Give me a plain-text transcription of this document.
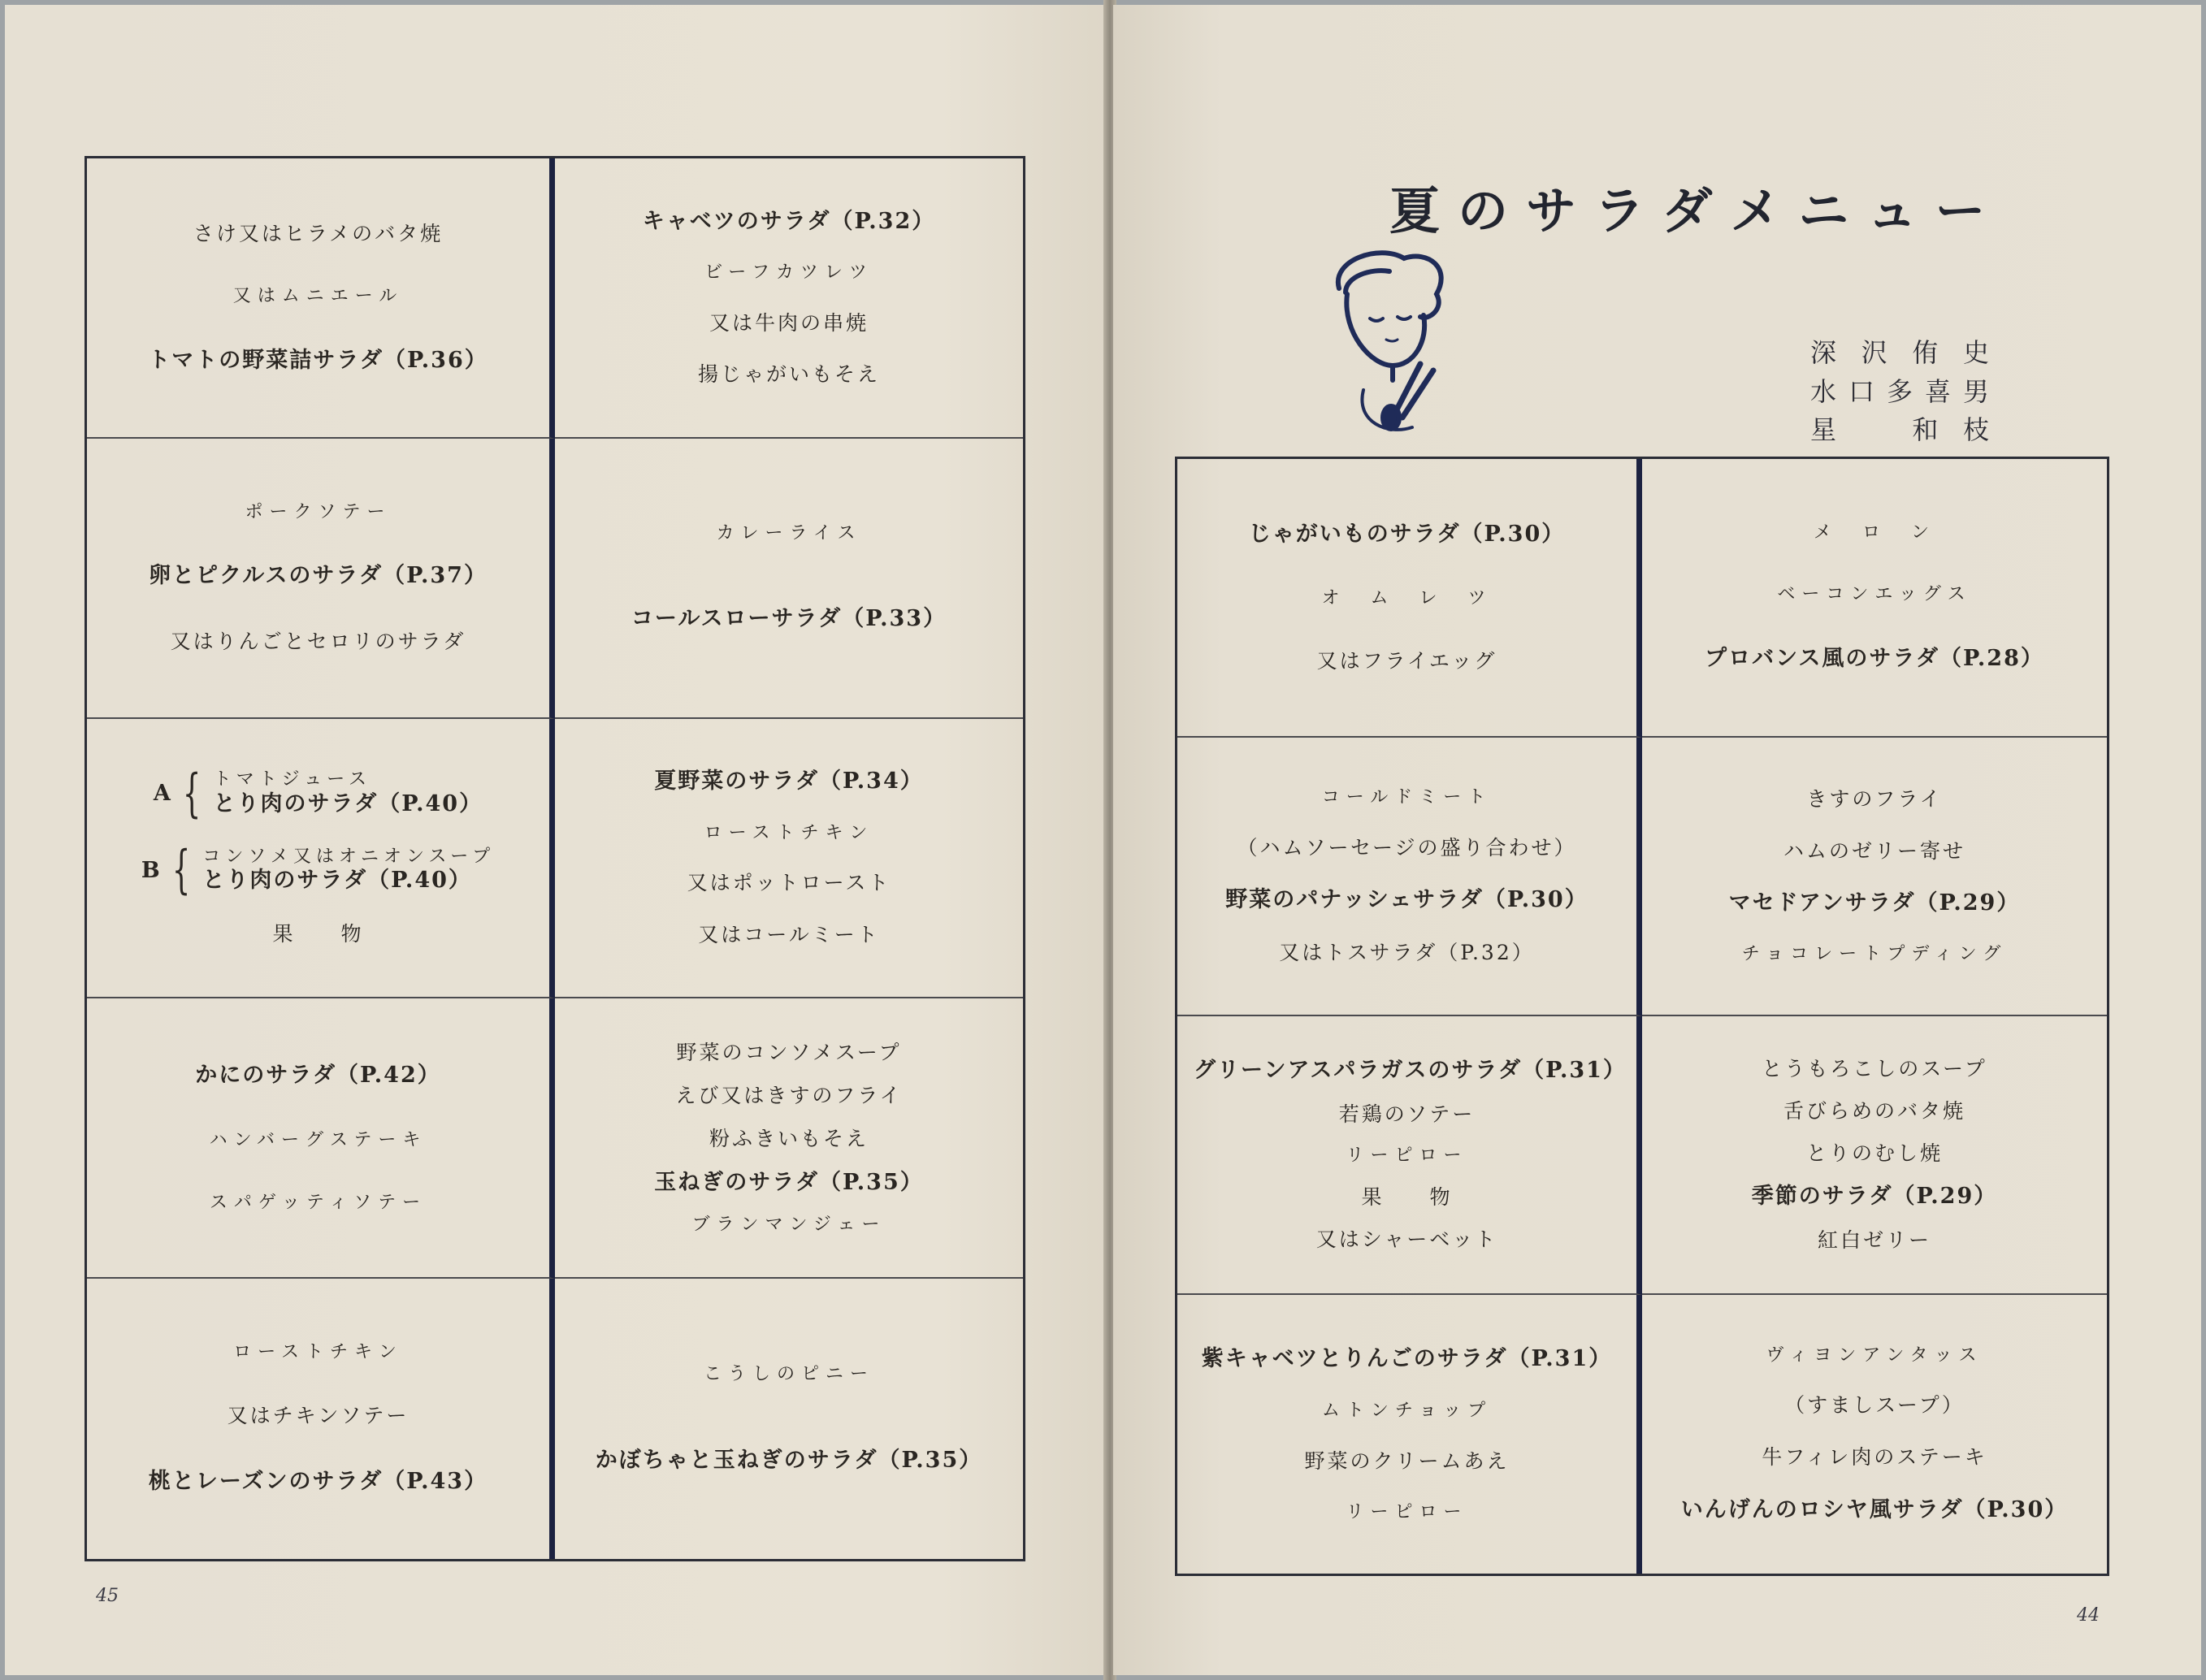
さけ又はヒラメのバタ焼
又はムニエール
トマトの野菜詰サラダ（P.36）
キャベツのサラダ（P.32）
ビーフカツレツ
又は牛肉の串焼
揚じゃがいもそえ
ポークソテー
卵とピクルスのサラダ（P.37）
又はりんごとセロリのサラダ
カレーライス
コールスローサラダ（P.33）
A { トマトジュース
とり肉のサラダ（P.40）
B { コンソメ又はオニオンスープ
とり肉のサラダ（P.40）
果　　物
夏野菜のサラダ（P.34）
ローストチキン
又はポットロースト
又はコールミート
かにのサラダ（P.42）
ハンバーグステーキ
スパゲッティソテー
野菜のコンソメスープ
えび又はきすのフライ
粉ふきいもそえ
玉ねぎのサラダ（P.35）
ブランマンジェー
ローストチキン
又はチキンソテー
桃とレーズンのサラダ（P.43）
こうしのピニー
かぼちゃと玉ねぎのサラダ（P.35）
夏のサラダメニュー
深沢侑史
水口多喜男
星　和枝
じゃがいものサラダ（P.30）
オ　ム　レ　ツ
又はフライエッグ
メ　ロ　ン
ベーコンエッグス
プロバンス風のサラダ（P.28）
コールドミート
（ハムソーセージの盛り合わせ）
野菜のパナッシェサラダ（P.30）
又はトスサラダ（P.32）
きすのフライ
ハムのゼリー寄せ
マセドアンサラダ（P.29）
チョコレートプディング
グリーンアスパラガスのサラダ（P.31）
若鶏のソテー
リーピロー
果　　物
又はシャーベット
とうもろこしのスープ
舌びらめのバタ焼
とりのむし焼
季節のサラダ（P.29）
紅白ゼリー
紫キャベツとりんごのサラダ（P.31）
ムトンチョップ
野菜のクリームあえ
リーピロー
ヴィヨンアンタッス
（すましスープ）
牛フィレ肉のステーキ
いんげんのロシヤ風サラダ（P.30）
45
44
